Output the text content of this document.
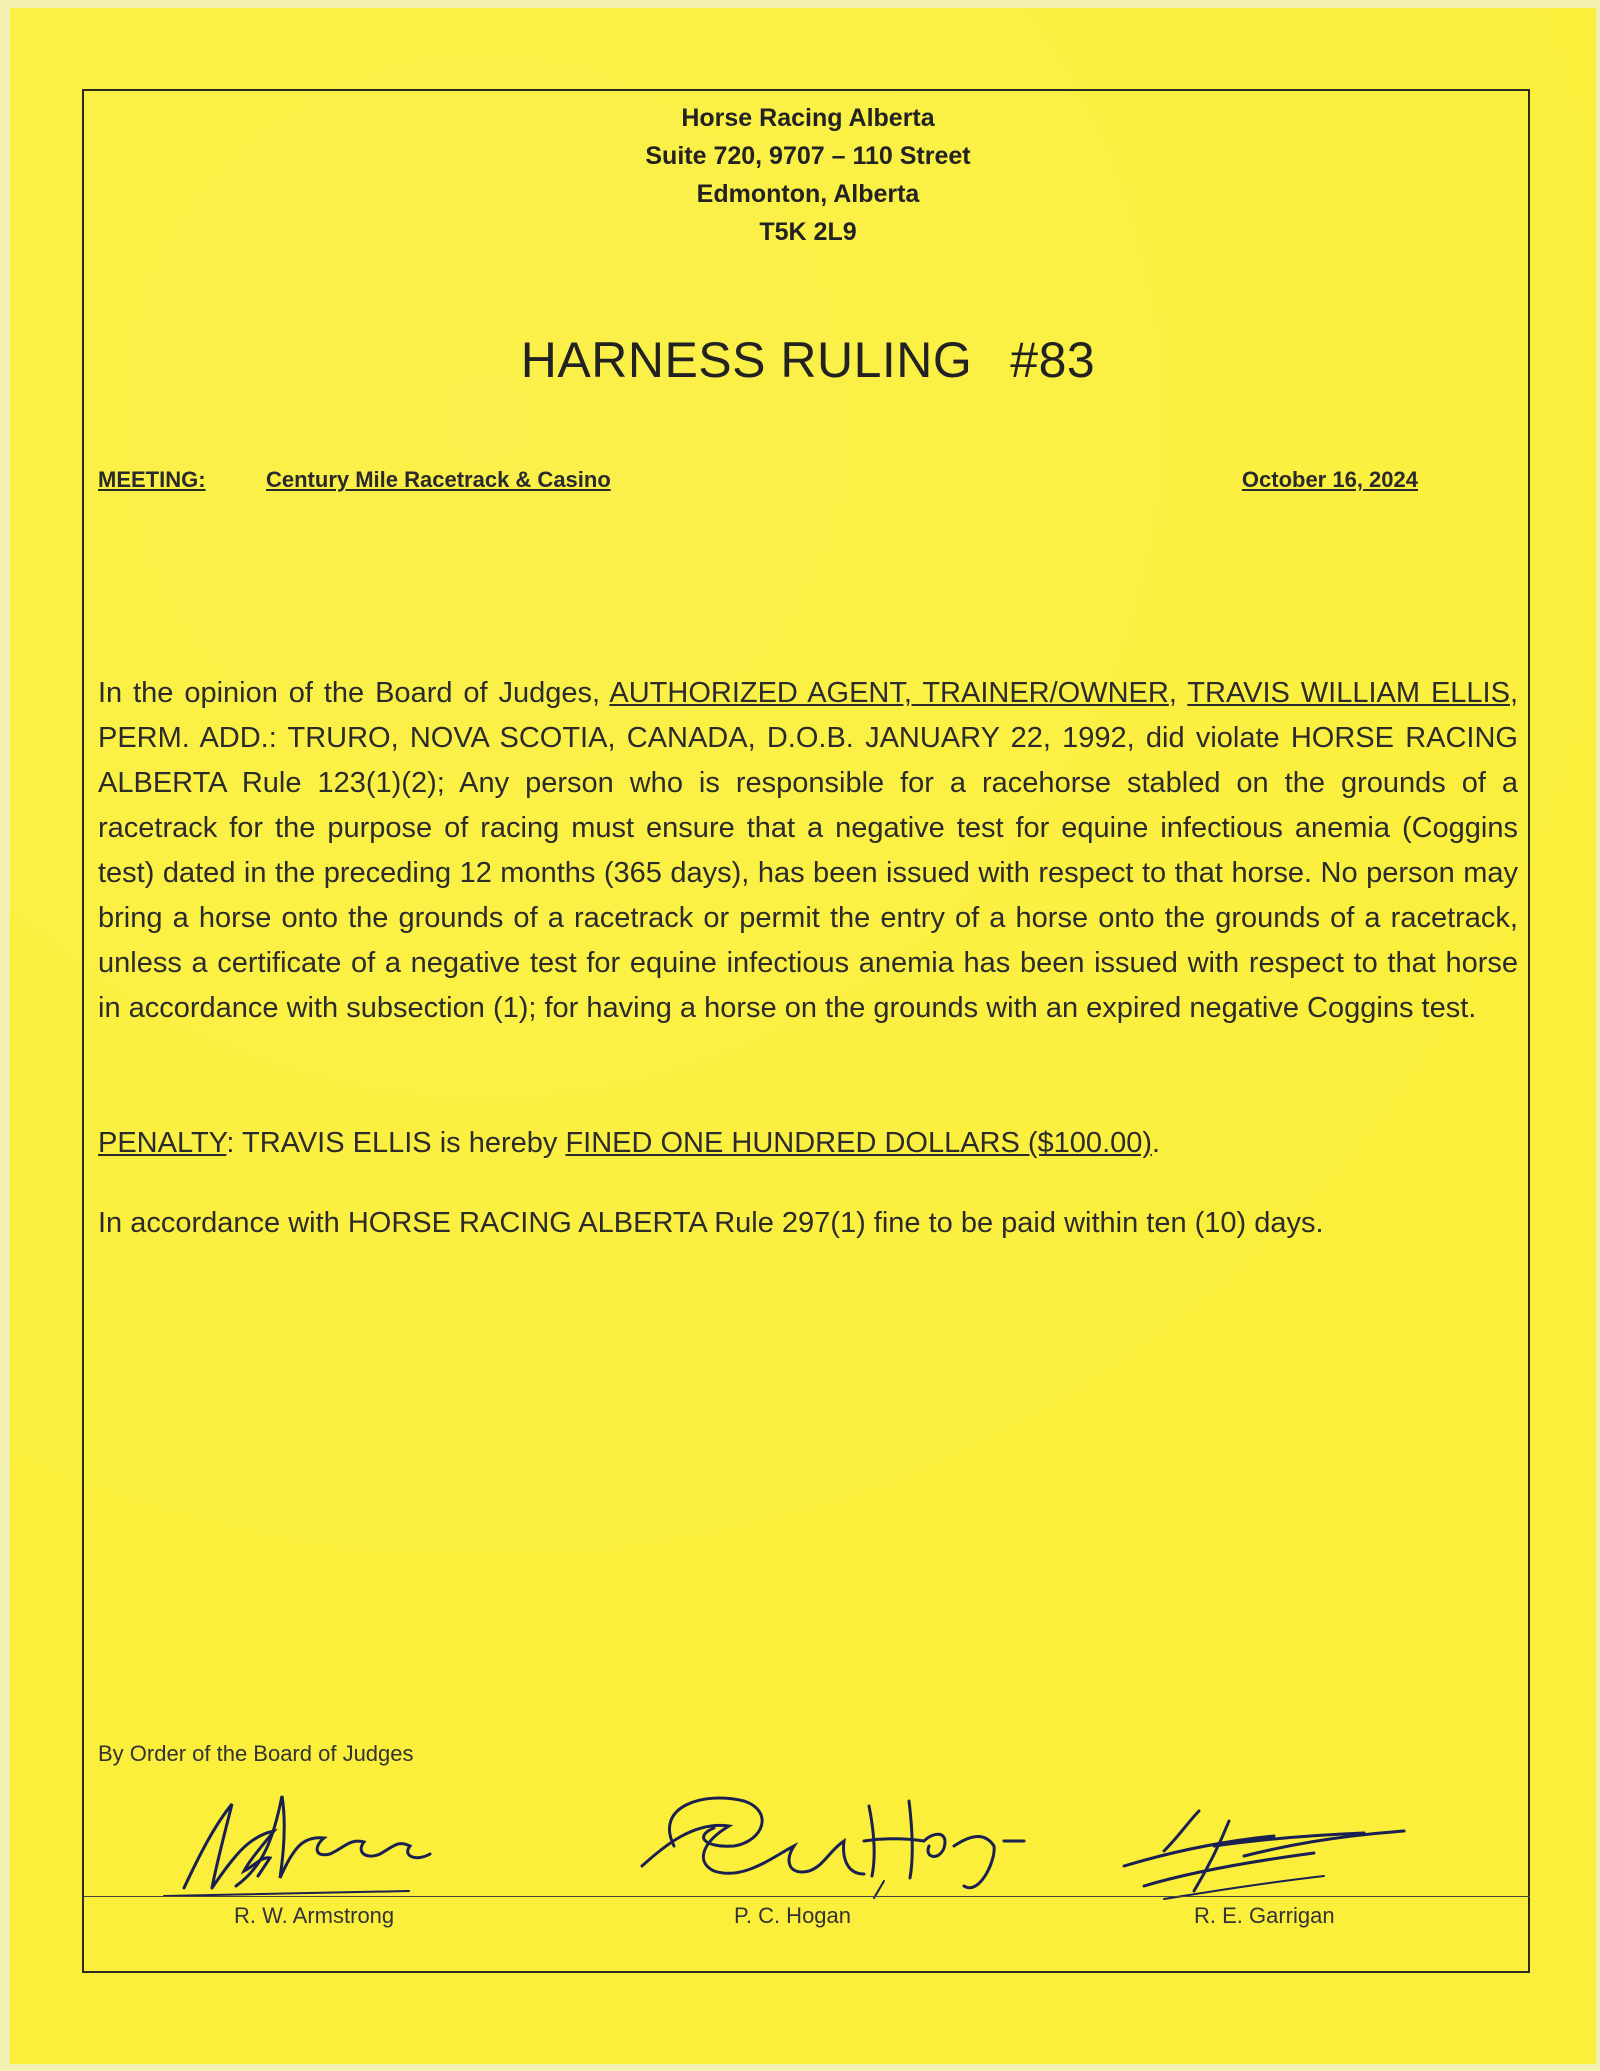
Horse Racing Alberta
Suite 720, 9707 – 110 Street
Edmonton, Alberta
T5K 2L9
HARNESS RULING #83
MEETING:	Century Mile Racetrack & Casino	October 16, 2024
In the opinion of the Board of Judges, AUTHORIZED AGENT, TRAINER/OWNER, TRAVIS WILLIAM ELLIS, PERM. ADD.: TRURO, NOVA SCOTIA, CANADA, D.O.B. JANUARY 22, 1992, did violate HORSE RACING ALBERTA Rule 123(1)(2); Any person who is responsible for a racehorse stabled on the grounds of a racetrack for the purpose of racing must ensure that a negative test for equine infectious anemia (Coggins test) dated in the preceding 12 months (365 days), has been issued with respect to that horse. No person may bring a horse onto the grounds of a racetrack or permit the entry of a horse onto the grounds of a racetrack, unless a certificate of a negative test for equine infectious anemia has been issued with respect to that horse in accordance with subsection (1); for having a horse on the grounds with an expired negative Coggins test.
PENALTY: TRAVIS ELLIS is hereby FINED ONE HUNDRED DOLLARS ($100.00).
In accordance with HORSE RACING ALBERTA Rule 297(1) fine to be paid within ten (10) days.
By Order of the Board of Judges
R. W. Armstrong	P. C. Hogan	R. E. Garrigan
